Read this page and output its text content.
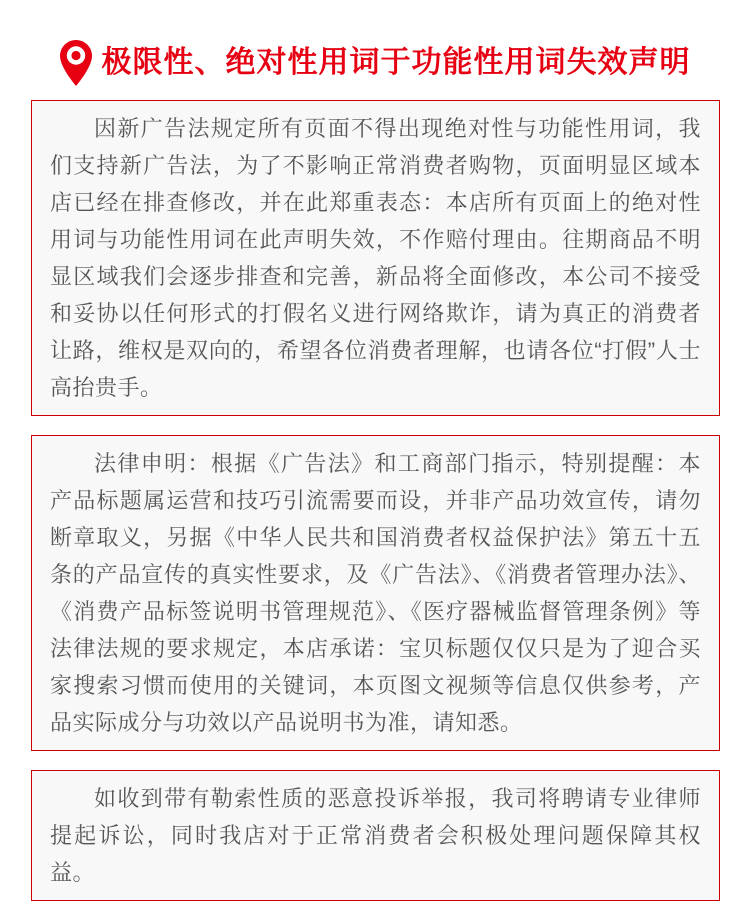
极限性、绝对性用词于功能性用词失效声明

因新广告法规定所有页面不得出现绝对性与功能性用词，我们支持新广告法，为了不影响正常消费者购物，页面明显区域本店已经在排查修改，并在此郑重表态：本店所有页面上的绝对性用词与功能性用词在此声明失效，不作赔付理由。往期商品不明显区域我们会逐步排查和完善，新品将全面修改，本公司不接受和妥协以任何形式的打假名义进行网络欺诈，请为真正的消费者让路，维权是双向的，希望各位消费者理解，也请各位“打假”人士高抬贵手。

法律申明：根据《广告法》和工商部门指示，特别提醒：本产品标题属运营和技巧引流需要而设，并非产品功效宣传，请勿断章取义，另据《中华人民共和国消费者权益保护法》第五十五条的产品宣传的真实性要求，及《广告法》、《消费者管理办法》、《消费产品标签说明书管理规范》、《医疗器械监督管理条例》等法律法规的要求规定，本店承诺：宝贝标题仅仅只是为了迎合买家搜索习惯而使用的关键词，本页图文视频等信息仅供参考，产品实际成分与功效以产品说明书为准，请知悉。

如收到带有勒索性质的恶意投诉举报，我司将聘请专业律师提起诉讼，同时我店对于正常消费者会积极处理问题保障其权益。
